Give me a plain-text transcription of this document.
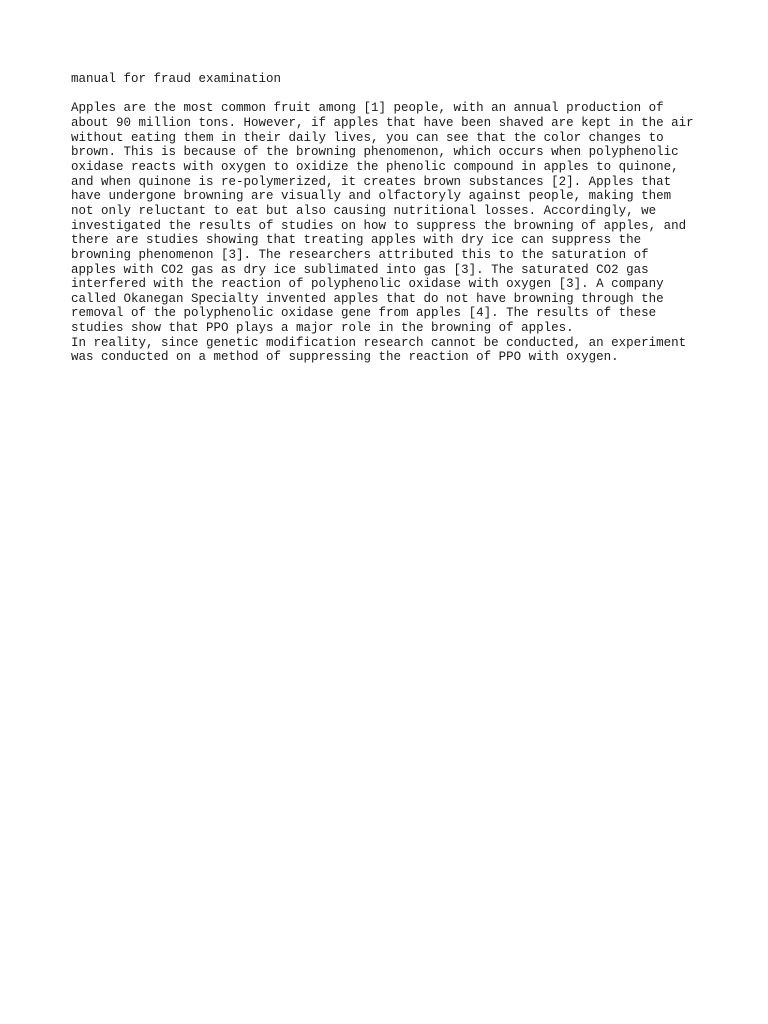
manual for fraud examination
Apples are the most common fruit among [1] people, with an annual production of
about 90 million tons. However, if apples that have been shaved are kept in the air
without eating them in their daily lives, you can see that the color changes to
brown. This is because of the browning phenomenon, which occurs when polyphenolic
oxidase reacts with oxygen to oxidize the phenolic compound in apples to quinone,
and when quinone is re-polymerized, it creates brown substances [2]. Apples that
have undergone browning are visually and olfactoryly against people, making them
not only reluctant to eat but also causing nutritional losses. Accordingly, we
investigated the results of studies on how to suppress the browning of apples, and
there are studies showing that treating apples with dry ice can suppress the
browning phenomenon [3]. The researchers attributed this to the saturation of
apples with CO2 gas as dry ice sublimated into gas [3]. The saturated CO2 gas
interfered with the reaction of polyphenolic oxidase with oxygen [3]. A company
called Okanegan Specialty invented apples that do not have browning through the
removal of the polyphenolic oxidase gene from apples [4]. The results of these
studies show that PPO plays a major role in the browning of apples.
In reality, since genetic modification research cannot be conducted, an experiment
was conducted on a method of suppressing the reaction of PPO with oxygen.
